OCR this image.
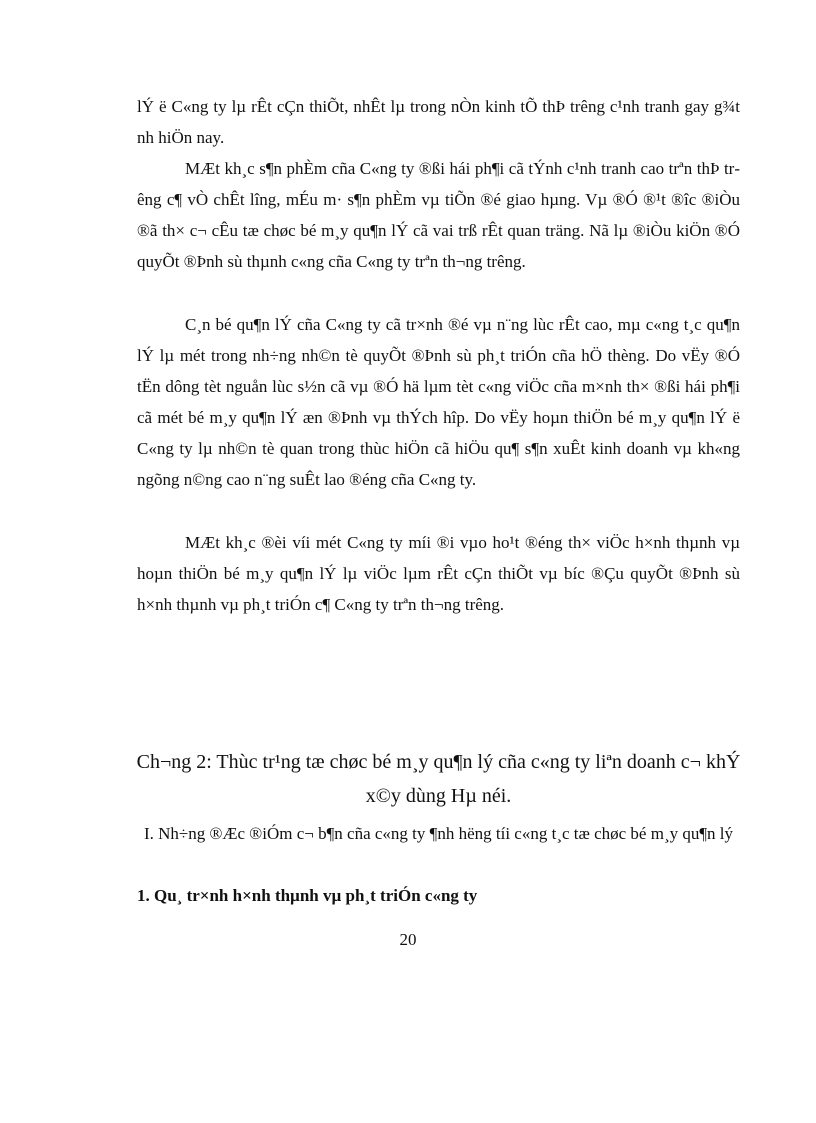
lÝ ë C«ng ty lµ rÊt cÇn thiÕt, nhÊt lµ trong nÒn kinh tÕ thÞ trêng c¹nh tranh gay g¾t nh hiÖn nay.

MÆt kh¸c s¶n phÈm cña C«ng ty ®ßi hái ph¶i cã tÝnh c¹nh tranh cao trªn thÞ trêng c¶ vÒ chÊt lîng, mÉu m· s¶n phÈm vµ tiÕn ®é giao hµng. Vµ ®Ó ®¹t ®îc ®iÒu ®ã th× c¬ cÊu tæ chøc bé m¸y qu¶n lÝ cã vai trß rÊt quan träng. Nã lµ ®iÒu kiÖn ®Ó quyÕt ®Þnh sù thµnh c«ng cña C«ng ty trªn th¬ng trêng.

C¸n bé qu¶n lÝ cña C«ng ty cã tr×nh ®é vµ n¨ng lùc rÊt cao, mµ c«ng t¸c qu¶n lÝ lµ mét trong nh÷ng nh©n tè quyÕt ®Þnh sù ph¸t triÓn cña hÖ thèng. Do vËy ®Ó tËn dông tèt nguån lùc s½n cã vµ ®Ó hä lµm tèt c«ng viÖc cña m×nh th× ®ßi hái ph¶i cã mét bé m¸y qu¶n lÝ æn ®Þnh vµ thÝch hîp. Do vËy hoµn thiÖn bé m¸y qu¶n lÝ ë C«ng ty lµ nh©n tè quan trong thùc hiÖn cã hiÖu qu¶ s¶n xuÊt kinh doanh vµ kh«ng ngõng n©ng cao n¨ng suÊt lao ®éng cña C«ng ty.

MÆt kh¸c ®èi víi mét C«ng ty míi ®i vµo ho¹t ®éng th× viÖc h×nh thµnh vµ hoµn thiÖn bé m¸y qu¶n lÝ lµ viÖc lµm rÊt cÇn thiÕt vµ bíc ®Çu quyÕt ®Þnh sù h×nh thµnh vµ ph¸t triÓn c¶ C«ng ty trªn th¬ng trêng.

Ch¬ng 2: Thùc tr¹ng tæ chøc bé m¸y qu¶n lý cña c«ng ty liªn doanh c¬ khÝ x©y dùng Hµ néi.
I. Nh÷ng ®Æc ®iÓm c¬ b¶n cña c«ng ty ¶nh hëng tíi c«ng t¸c tæ chøc bé m¸y qu¶n lý
1. Qu¸ tr×nh h×nh thµnh vµ ph¸t triÓn c«ng ty
20
